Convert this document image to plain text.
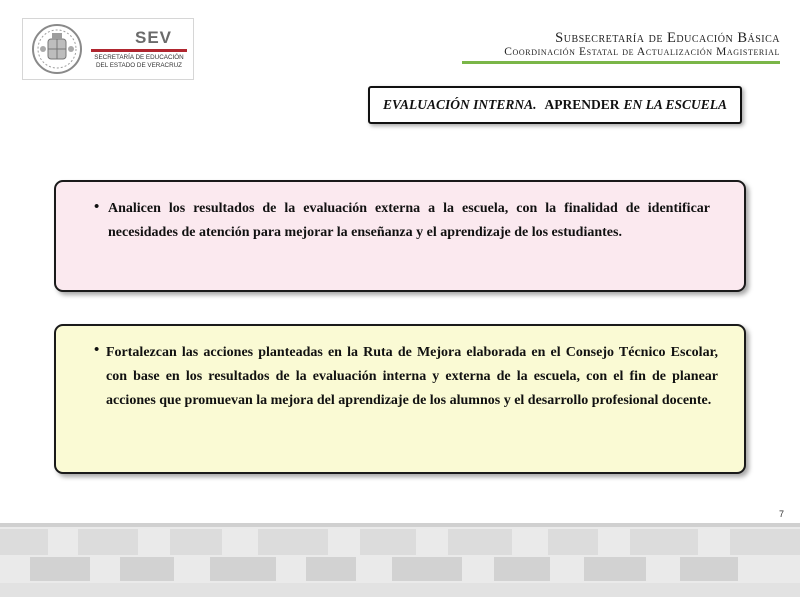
SEV
SECRETARÍA DE EDUCACIÓN DEL ESTADO DE VERACRUZ
Subsecretaría de Educación Básica
Coordinación Estatal de Actualización Magisterial
EVALUACIÓN INTERNA. APRENDER EN LA ESCUELA
• Analicen los resultados de la evaluación externa a la escuela, con la finalidad de identificar necesidades de atención para mejorar la enseñanza y el aprendizaje de los estudiantes.
• Fortalezcan las acciones planteadas en la Ruta de Mejora elaborada en el Consejo Técnico Escolar, con base en los resultados de la evaluación interna y externa de la escuela, con el fin de planear acciones que promuevan la mejora del aprendizaje de los alumnos y el desarrollo profesional docente.
7
